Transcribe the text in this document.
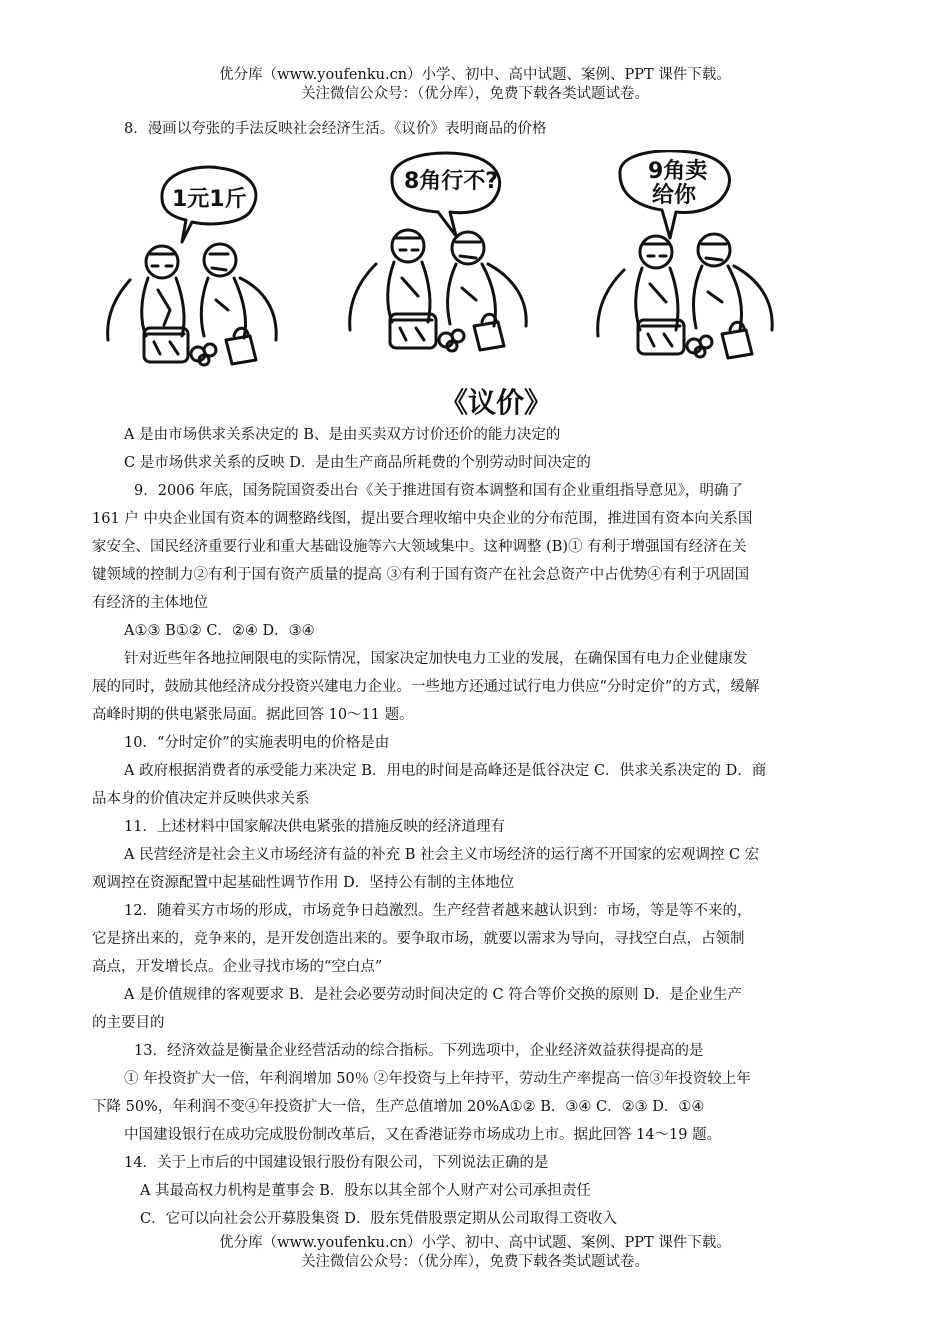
优分库（www.youfenku.cn）小学、初中、高中试题、案例、PPT 课件下载。
关注微信公众号：（优分库），免费下载各类试题试卷。
8．漫画以夸张的手法反映社会经济生活。《议价》表明商品的价格
1元1斤
8角行不?	9角卖
给你
《议价》
A 是由市场供求关系决定的 B、是由买卖双方讨价还价的能力决定的
C 是市场供求关系的反映 D．是由生产商品所耗费的个别劳动时间决定的
9．2006 年底，国务院国资委出台《关于推进国有资本调整和国有企业重组指导意见》，明确了
161 户 中央企业国有资本的调整路线图，提出要合理收缩中央企业的分布范围，推进国有资本向关系国
家安全、国民经济重要行业和重大基础设施等六大领域集中。这种调整 (B)① 有利于增强国有经济在关
键领域的控制力②有利于国有资产质量的提高 ③有利于国有资产在社会总资产中占优势④有利于巩固国
有经济的主体地位
A①③ B①② C．②④ D．③④
针对近些年各地拉闸限电的实际情况，国家决定加快电力工业的发展，在确保国有电力企业健康发
展的同时，鼓励其他经济成分投资兴建电力企业。一些地方还通过试行电力供应“分时定价”的方式，缓解
高峰时期的供电紧张局面。据此回答 10～11 题。
10．“分时定价”的实施表明电的价格是由
A 政府根据消费者的承受能力来决定 B．用电的时间是高峰还是低谷决定 C．供求关系决定的 D．商
品本身的价值决定并反映供求关系
11．上述材料中国家解决供电紧张的措施反映的经济道理有
A 民营经济是社会主义市场经济有益的补充 B 社会主义市场经济的运行离不开国家的宏观调控 C 宏
观调控在资源配置中起基础性调节作用 D．坚持公有制的主体地位
12．随着买方市场的形成，市场竞争日趋激烈。生产经营者越来越认识到：市场，等是等不来的，
它是挤出来的，竞争来的，是开发创造出来的。要争取市场，就要以需求为导向，寻找空白点，占领制
高点，开发增长点。企业寻找市场的“空白点”
A 是价值规律的客观要求 B．是社会必要劳动时间决定的 C 符合等价交换的原则 D．是企业生产
的主要目的
13．经济效益是衡量企业经营活动的综合指标。下列选项中，企业经济效益获得提高的是
① 年投资扩大一倍，年利润增加 50％ ②年投资与上年持平，劳动生产率提高一倍③年投资较上年
下降 50%，年利润不变④年投资扩大一倍，生产总值增加 20%A①② B．③④ C．②③ D．①④
中国建设银行在成功完成股份制改革后，又在香港证券市场成功上市。据此回答 14～19 题。
14．关于上市后的中国建设银行股份有限公司，下列说法正确的是
A 其最高权力机构是董事会 B．股东以其全部个人财产对公司承担责任
C．它可以向社会公开募股集资 D．股东凭借股票定期从公司取得工资收入
优分库（www.youfenku.cn）小学、初中、高中试题、案例、PPT 课件下载。
关注微信公众号：（优分库），免费下载各类试题试卷。
